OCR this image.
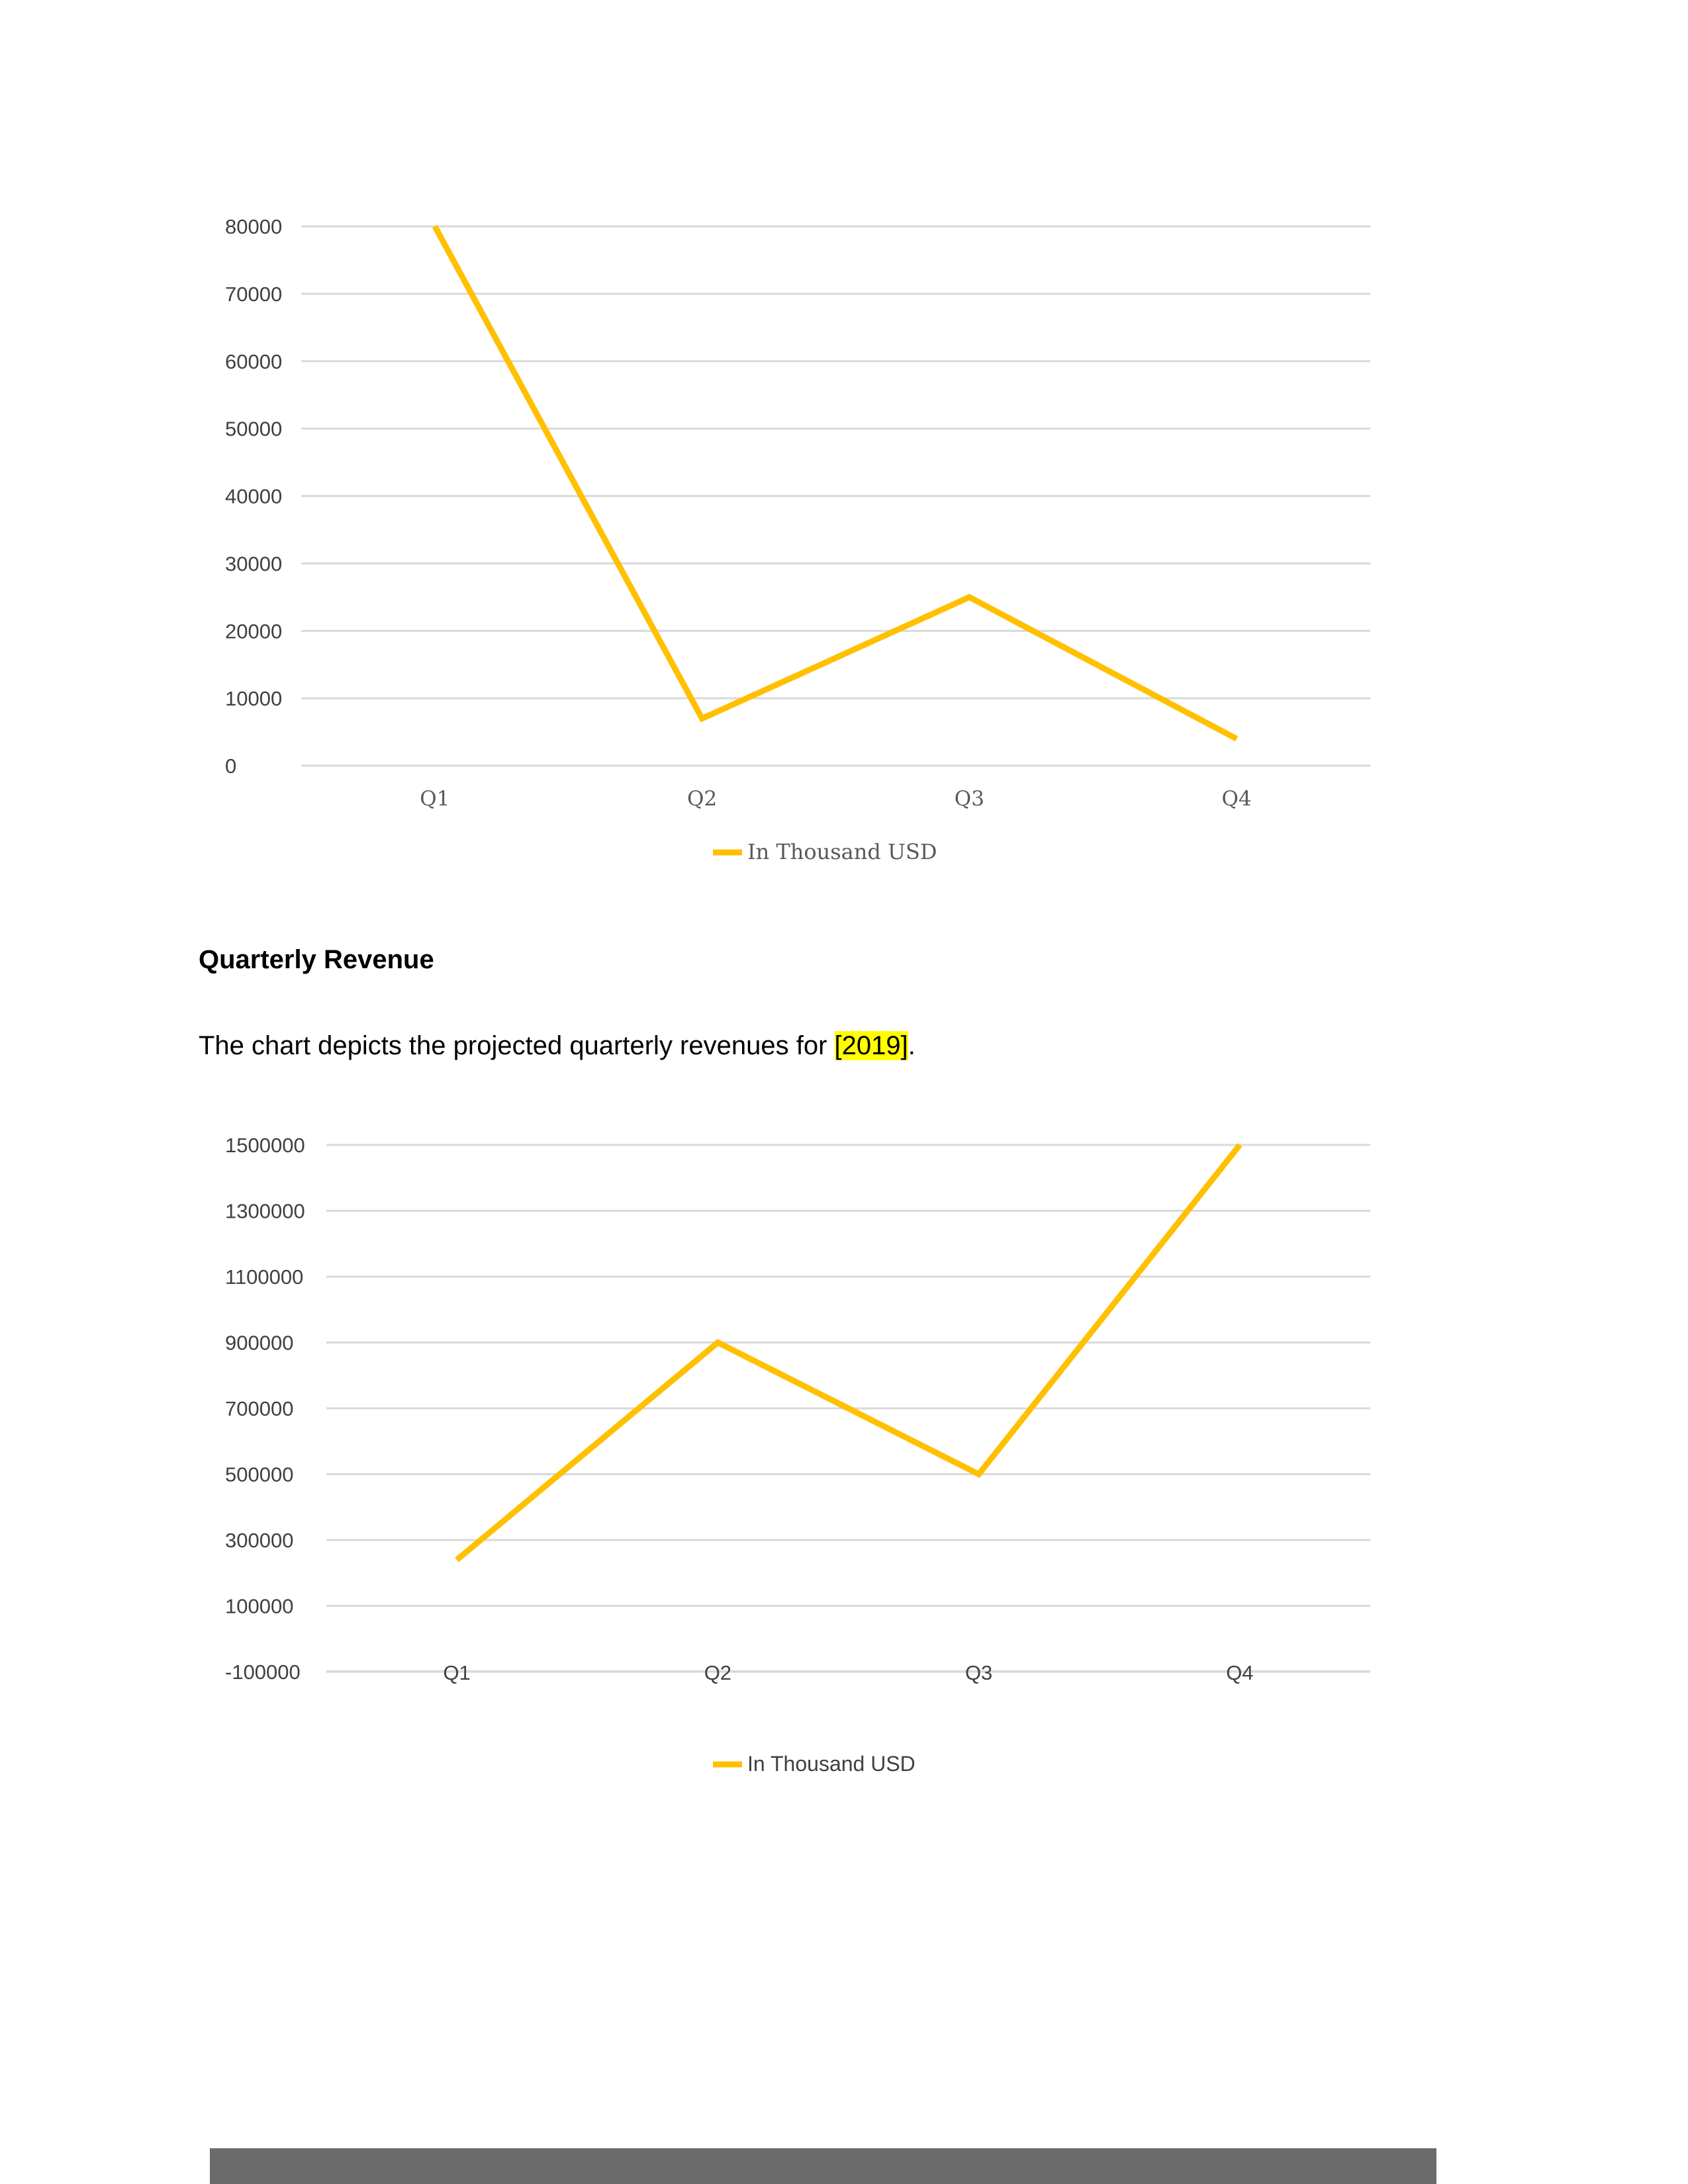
0
10000
20000
30000
40000
50000
60000
70000
80000
Q1	Q2	Q3	Q4
In Thousand USD
Quarterly Revenue

The chart depicts the projected quarterly revenues for [2019].

-100000
100000
300000
500000
700000
900000
1100000
1300000
1500000
Q1	Q2	Q3	Q4
In Thousand USD
